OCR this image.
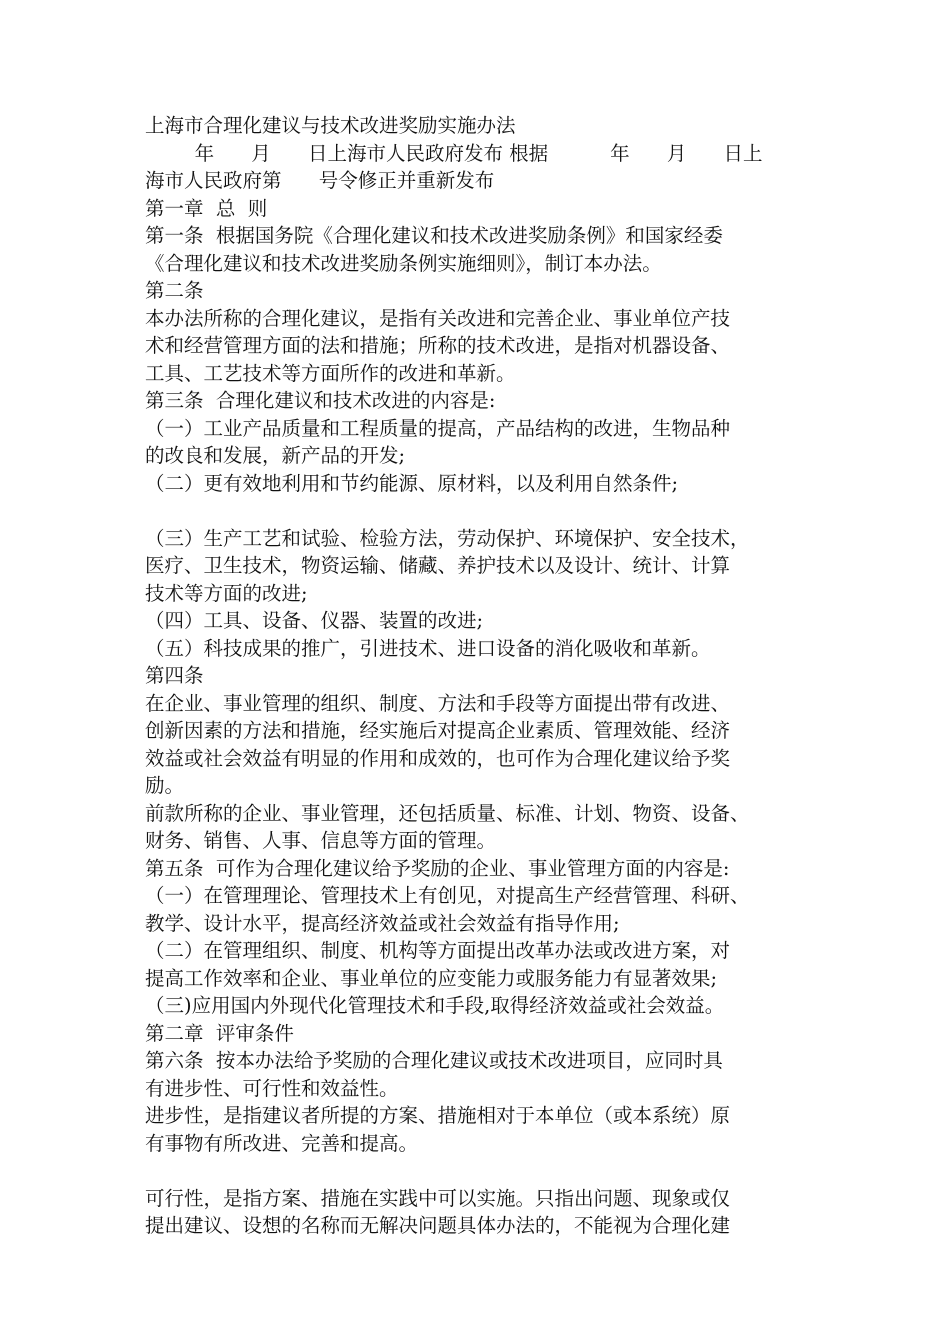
上海市合理化建议与技术改进奖励实施办法
年      月      日上海市人民政府发布 根据          年      月      日上
海市人民政府第      号令修正并重新发布
第一章  总  则
第一条  根据国务院《合理化建议和技术改进奖励条例》和国家经委
《合理化建议和技术改进奖励条例实施细则》，制订本办法。
第二条
本办法所称的合理化建议，是指有关改进和完善企业、事业单位产技
术和经营管理方面的法和措施；所称的技术改进，是指对机器设备、
工具、工艺技术等方面所作的改进和革新。
第三条  合理化建议和技术改进的内容是:
（一）工业产品质量和工程质量的提高，产品结构的改进，生物品种
的改良和发展，新产品的开发;
（二）更有效地利用和节约能源、原材料，以及利用自然条件;
（三）生产工艺和试验、检验方法，劳动保护、环境保护、安全技术，
医疗、卫生技术，物资运输、储藏、养护技术以及设计、统计、计算
技术等方面的改进;
（四）工具、设备、仪器、装置的改进;
（五）科技成果的推广，引进技术、进口设备的消化吸收和革新。
第四条
在企业、事业管理的组织、制度、方法和手段等方面提出带有改进、
创新因素的方法和措施，经实施后对提高企业素质、管理效能、经济
效益或社会效益有明显的作用和成效的，也可作为合理化建议给予奖
励。
前款所称的企业、事业管理，还包括质量、标准、计划、物资、设备、
财务、销售、人事、信息等方面的管理。
第五条  可作为合理化建议给予奖励的企业、事业管理方面的内容是:
（一）在管理理论、管理技术上有创见，对提高生产经营管理、科研、
教学、设计水平，提高经济效益或社会效益有指导作用;
（二）在管理组织、制度、机构等方面提出改革办法或改进方案，对
提高工作效率和企业、事业单位的应变能力或服务能力有显著效果;
（三)应用国内外现代化管理技术和手段,取得经济效益或社会效益。
第二章  评审条件
第六条  按本办法给予奖励的合理化建议或技术改进项目，应同时具
有进步性、可行性和效益性。
进步性，是指建议者所提的方案、措施相对于本单位（或本系统）原
有事物有所改进、完善和提高。
可行性，是指方案、措施在实践中可以实施。只指出问题、现象或仅
提出建议、设想的名称而无解决问题具体办法的，不能视为合理化建
